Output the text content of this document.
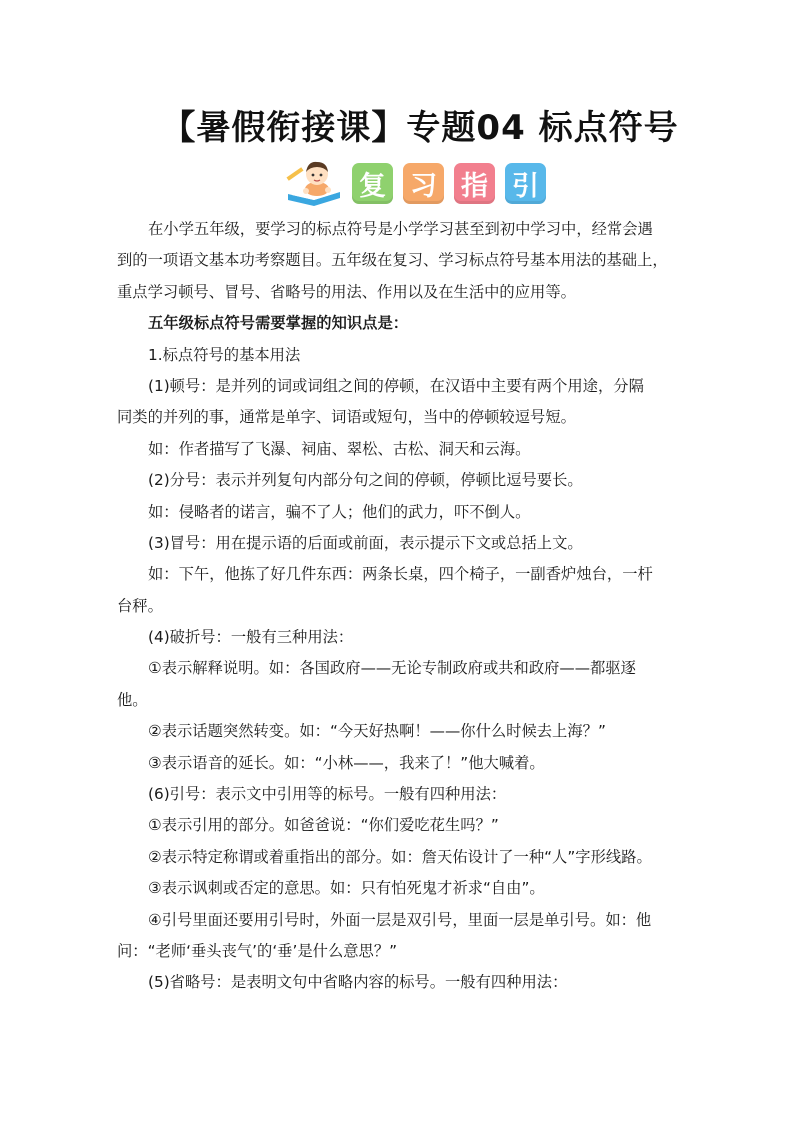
【暑假衔接课】专题04 标点符号
复 习 指 引
在小学五年级，要学习的标点符号是小学学习甚至到初中学习中，经常会遇
到的一项语文基本功考察题目。五年级在复习、学习标点符号基本用法的基础上，
重点学习顿号、冒号、省略号的用法、作用以及在生活中的应用等。
五年级标点符号需要掌握的知识点是：
1.标点符号的基本用法
(1)顿号：是并列的词或词组之间的停顿，在汉语中主要有两个用途，分隔
同类的并列的事，通常是单字、词语或短句，当中的停顿较逗号短。
如：作者描写了飞瀑、祠庙、翠松、古松、洞天和云海。
(2)分号：表示并列复句内部分句之间的停顿，停顿比逗号要长。
如：侵略者的诺言，骗不了人；他们的武力，吓不倒人。
(3)冒号：用在提示语的后面或前面，表示提示下文或总括上文。
如：下午，他拣了好几件东西：两条长桌，四个椅子，一副香炉烛台，一杆
台秤。
(4)破折号：一般有三种用法：
①表示解释说明。如：各国政府——无论专制政府或共和政府——都驱逐
他。
②表示话题突然转变。如：“今天好热啊！——你什么时候去上海？”
③表示语音的延长。如：“小林——，我来了！”他大喊着。
(6)引号：表示文中引用等的标号。一般有四种用法：
①表示引用的部分。如爸爸说：“你们爱吃花生吗？”
②表示特定称谓或着重指出的部分。如：詹天佑设计了一种“人”字形线路。
③表示讽刺或否定的意思。如：只有怕死鬼才祈求“自由”。
④引号里面还要用引号时，外面一层是双引号，里面一层是单引号。如：他
问：“老师‘垂头丧气’的‘垂’是什么意思？”
(5)省略号：是表明文句中省略内容的标号。一般有四种用法：
